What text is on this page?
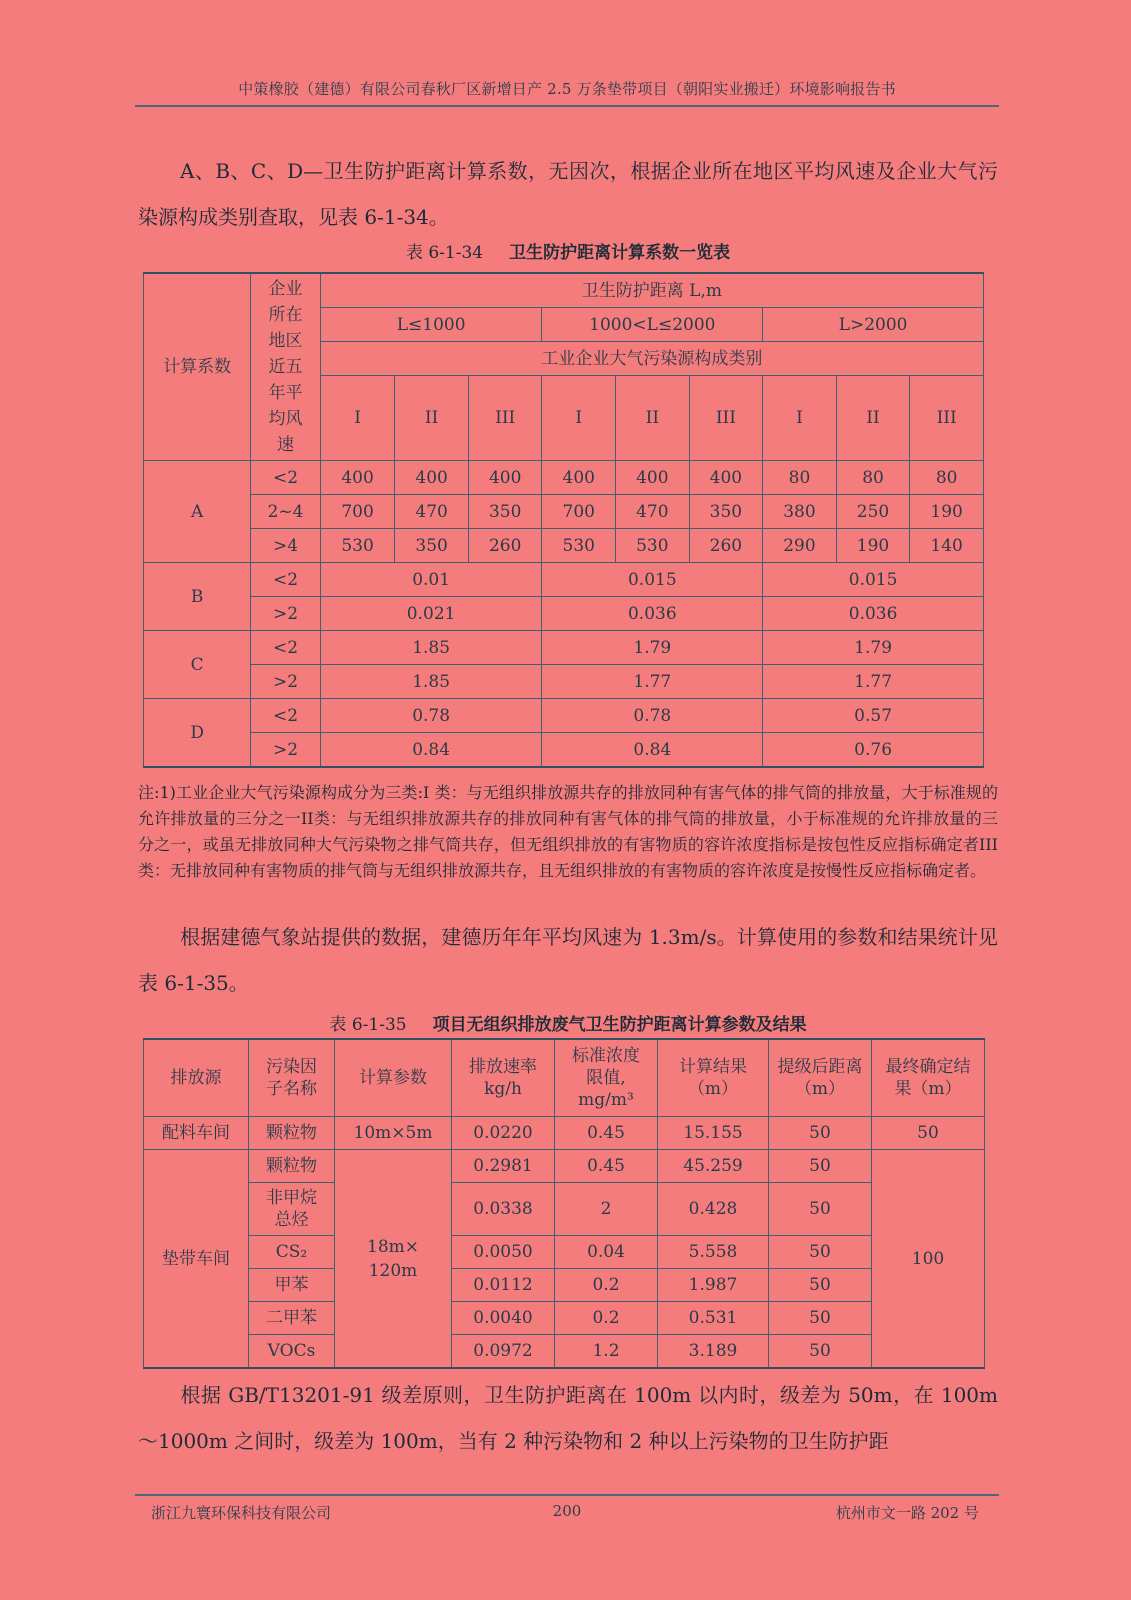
中策橡胶（建德）有限公司春秋厂区新增日产 2.5 万条垫带项目（朝阳实业搬迁）环境影响报告书
A、B、C、D—卫生防护距离计算系数，无因次，根据企业所在地区平均风速及企业大气污染源构成类别查取，见表 6-1-34。
表 6-1-34 卫生防护距离计算系数一览表
计算系数	企业所在地区近五年平均风速	卫生防护距离 L,m								
		L≤1000			1000<L≤2000			L>2000		
		工业企业大气污染源构成类别								
		I	II	III	I	II	III	I	II	III
A	<2	400	400	400	400	400	400	80	80	80
	2~4	700	470	350	700	470	350	380	250	190
	>4	530	350	260	530	530	260	290	190	140
B	<2	0.01			0.015			0.015		
	>2	0.021			0.036			0.036		
C	<2	1.85			1.79			1.79		
	>2	1.85			1.77			1.77		
D	<2	0.78			0.78			0.57		
	>2	0.84			0.84			0.76		
注:1)工业企业大气污染源构成分为三类:I 类：与无组织排放源共存的排放同种有害气体的排气筒的排放量，大于标准规的允许排放量的三分之一II类：与无组织排放源共存的排放同种有害气体的排气筒的排放量，小于标准规的允许排放量的三分之一，或虽无排放同种大气污染物之排气筒共存，但无组织排放的有害物质的容许浓度指标是按包性反应指标确定者III类：无排放同种有害物质的排气筒与无组织排放源共存，且无组织排放的有害物质的容许浓度是按慢性反应指标确定者。
根据建德气象站提供的数据，建德历年年平均风速为 1.3m/s。计算使用的参数和结果统计见表 6-1-35。
表 6-1-35 项目无组织排放废气卫生防护距离计算参数及结果
排放源	污染因子名称	计算参数	排放速率 kg/h	标准浓度限值, mg/m³	计算结果（m）	提级后距离（m）	最终确定结果（m）
配料车间	颗粒物	10m×5m	0.0220	0.45	15.155	50	50
垫带车间	颗粒物	18m× 120m	0.2981	0.45	45.259	50	100
	非甲烷总烃		0.0338	2	0.428	50	
	CS₂		0.0050	0.04	5.558	50	
	甲苯		0.0112	0.2	1.987	50	
	二甲苯		0.0040	0.2	0.531	50	
	VOCs		0.0972	1.2	3.189	50	
根据 GB/T13201-91 级差原则，卫生防护距离在 100m 以内时，级差为 50m，在 100m～1000m 之间时，级差为 100m，当有 2 种污染物和 2 种以上污染物的卫生防护距
浙江九寰环保科技有限公司	200	杭州市文一路 202 号
